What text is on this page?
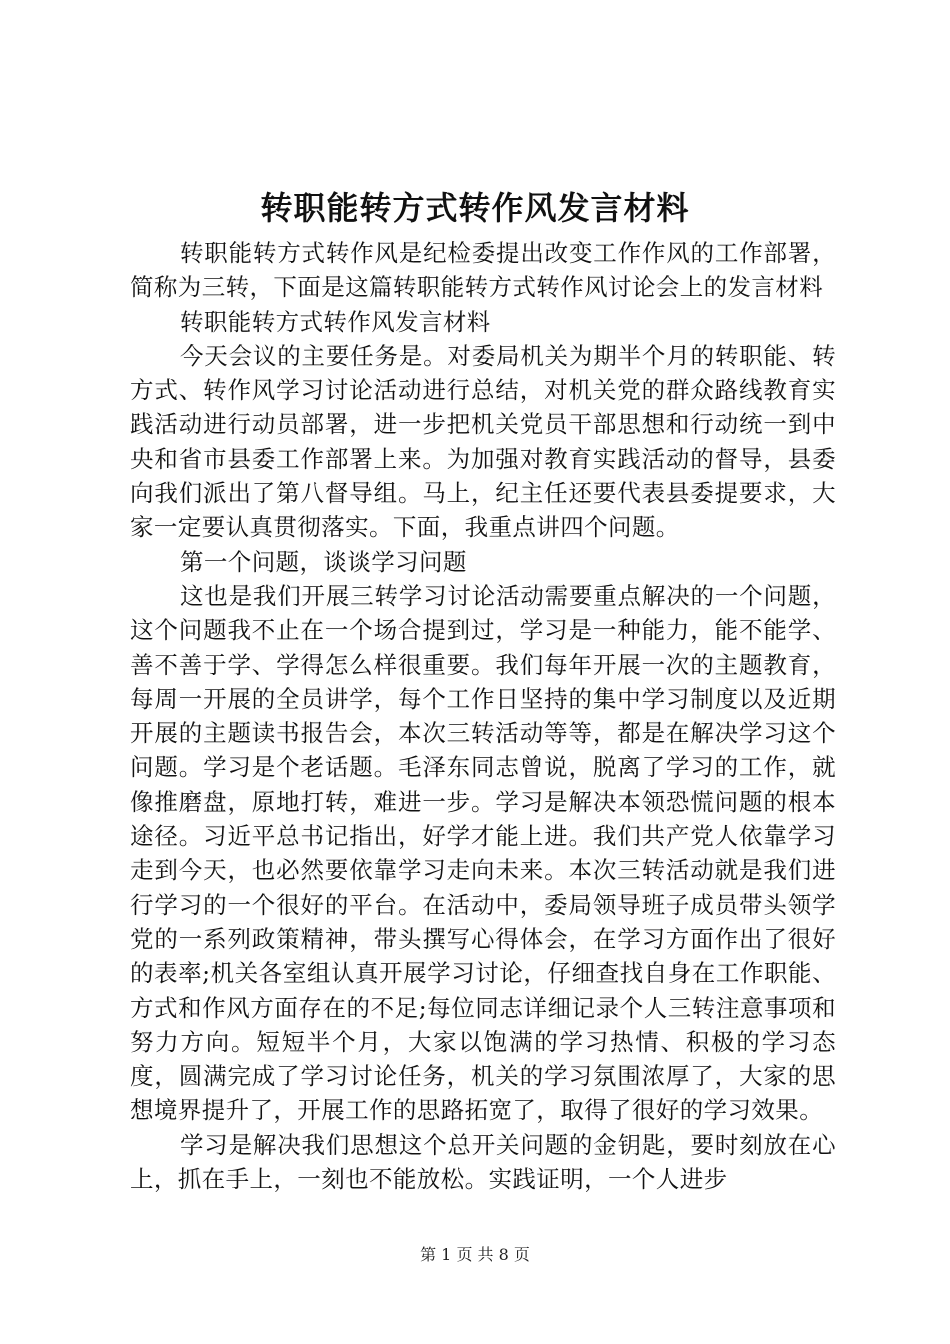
转职能转方式转作风发言材料

转职能转方式转作风是纪检委提出改变工作作风的工作部署，简称为三转，下面是这篇转职能转方式转作风讨论会上的发言材料

转职能转方式转作风发言材料

今天会议的主要任务是。对委局机关为期半个月的转职能、转方式、转作风学习讨论活动进行总结，对机关党的群众路线教育实践活动进行动员部署，进一步把机关党员干部思想和行动统一到中央和省市县委工作部署上来。为加强对教育实践活动的督导，县委向我们派出了第八督导组。马上，纪主任还要代表县委提要求，大家一定要认真贯彻落实。下面，我重点讲四个问题。

第一个问题，谈谈学习问题

这也是我们开展三转学习讨论活动需要重点解决的一个问题，这个问题我不止在一个场合提到过，学习是一种能力，能不能学、善不善于学、学得怎么样很重要。我们每年开展一次的主题教育，每周一开展的全员讲学，每个工作日坚持的集中学习制度以及近期开展的主题读书报告会，本次三转活动等等，都是在解决学习这个问题。学习是个老话题。毛泽东同志曾说，脱离了学习的工作，就像推磨盘，原地打转，难进一步。学习是解决本领恐慌问题的根本途径。习近平总书记指出，好学才能上进。我们共产党人依靠学习走到今天，也必然要依靠学习走向未来。本次三转活动就是我们进行学习的一个很好的平台。在活动中，委局领导班子成员带头领学党的一系列政策精神，带头撰写心得体会，在学习方面作出了很好的表率;机关各室组认真开展学习讨论，仔细查找自身在工作职能、方式和作风方面存在的不足;每位同志详细记录个人三转注意事项和努力方向。短短半个月，大家以饱满的学习热情、积极的学习态度，圆满完成了学习讨论任务，机关的学习氛围浓厚了，大家的思想境界提升了，开展工作的思路拓宽了，取得了很好的学习效果。

学习是解决我们思想这个总开关问题的金钥匙，要时刻放在心上，抓在手上，一刻也不能放松。实践证明，一个人进步

第 1 页 共 8 页
